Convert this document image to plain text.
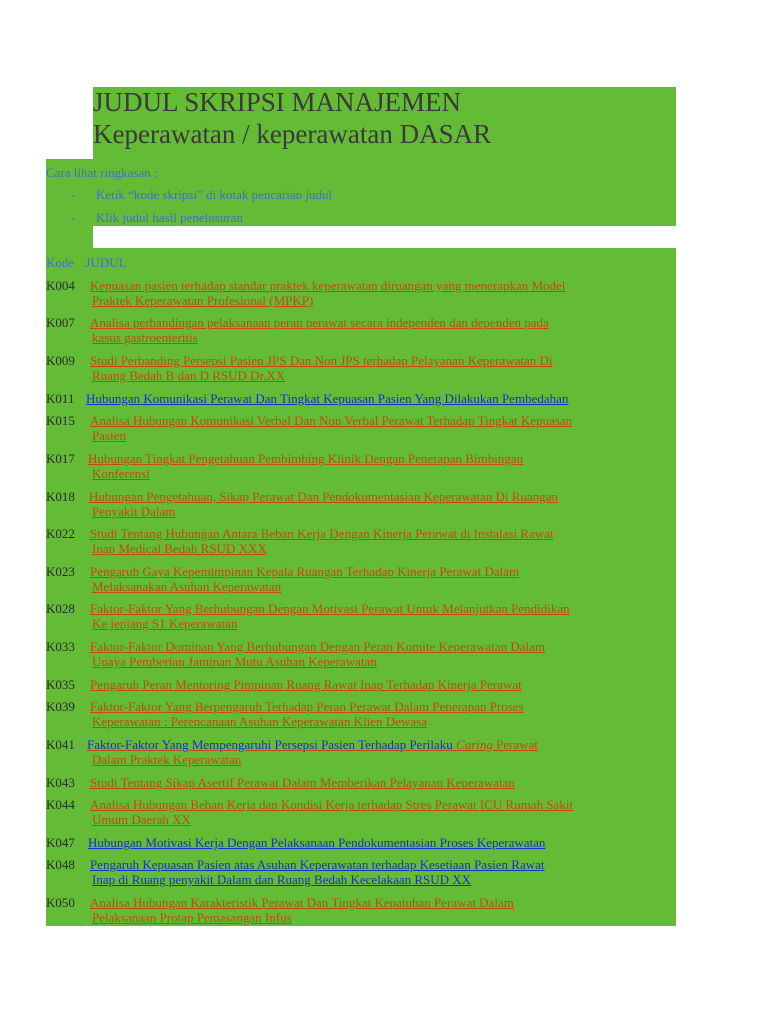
JUDUL SKRIPSI MANAJEMEN
Keperawatan / keperawatan DASAR
Cara lihat ringkasan :
- Ketik “kode skripsi” di kotak pencarian judul
- Klik judul hasil penelusuran
Kode JUDUL
K004 Kepuasan pasien terhadap standar praktek keperawatan diruangan yang menerapkan Model
Praktek Keperawatan Profesional (MPKP)
K007 Analisa perbandingan pelaksanaan peran perawat secara independen dan dependen pada
kasus gastroenteritis
K009 Studi Perbanding Persepsi Pasien JPS Dan Non JPS terhadap Pelayanan Keperawatan Di
Ruang Bedah B dan D RSUD Dr.XX
K011 Hubungan Komunikasi Perawat Dan Tingkat Kepuasan Pasien Yang Dilakukan Pembedahan
K015 Analisa Hubungan Komunikasi Verbal Dan Non Verbal Perawat Terhadap Tingkat Kepuasan
Pasien
K017 Hubungan Tingkat Pengetahuan Pembimbing Klinik Dengan Penerapan Bimbingan
Konferensi
K018 Hubungan Pengetahuan, Sikap Perawat Dan Pendokumentasian Keperawatan Di Ruangan
Penyakit Dalam
K022 Studi Tentang Hubungan Antara Beban Kerja Dengan Kinerja Perawat di Instalasi Rawat
Inap Medical Bedah RSUD XXX
K023 Pengaruh Gaya Kepemimpinan Kepala Ruangan Terhadap Kinerja Perawat Dalam
Melaksanakan Asuhan Keperawatan
K028 Faktor-Faktor Yang Berhubungan Dengan Motivasi Perawat Untuk Melanjutkan Pendidikan
Ke jenjang S1 Keperawatan
K033 Faktor-Faktor Dominan Yang Berhubungan Dengan Peran Komite Keperawatan Dalam
Upaya Pemberian Jaminan Mutu Asuhan Keperawatan
K035 Pengaruh Peran Mentoring Pimpinan Ruang Rawat Inap Terhadap Kinerja Perawat
K039 Faktor-Faktor Yang Berpengaruh Terhadap Peran Perawat Dalam Penerapan Proses
Keperawatan : Perencanaan Asuhan Keperawatan Klien Dewasa
K041 Faktor-Faktor Yang Mempengaruhi Persepsi Pasien Terhadap Perilaku Caring Perawat
Dalam Praktek Keperawatan
K043 Studi Tentang Sikap Asertif Perawat Dalam Memberikan Pelayanan Keperawatan
K044 Analisa Hubungan Beban Kerja dan Kondisi Kerja terhadap Stres Perawat ICU Rumah Sakit
Umum Daerah XX
K047 Hubungan Motivasi Kerja Dengan Pelaksanaan Pendokumentasian Proses Keperawatan
K048 Pengaruh Kepuasan Pasien atas Asuhan Keperawatan terhadap Kesetiaan Pasien Rawat
Inap di Ruang penyakit Dalam dan Ruang Bedah Kecelakaan RSUD XX
K050 Analisa Hubungan Karakteristik Perawat Dan Tingkat Kepatuhan Perawat Dalam
Pelaksanaan Protap Pemasangan Infus
